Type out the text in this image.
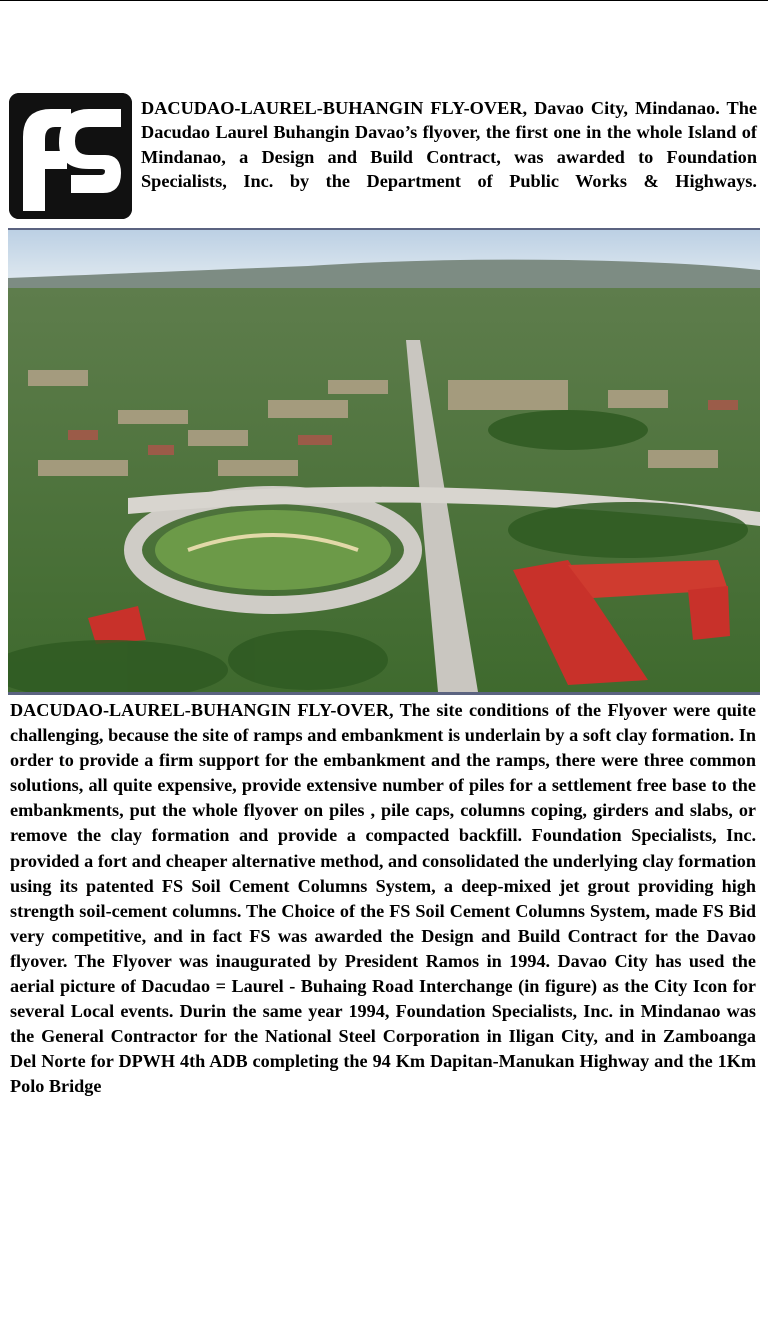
DACUDAO-LAUREL-BUHANGIN FLY-OVER, Davao City, Mindanao. The Dacudao Laurel Buhangin Davao’s flyover, the first one in the whole Island of Mindanao, a Design and Build Contract, was awarded to Foundation Specialists, Inc. by the Department of Public Works & Highways.
DACUDAO-LAUREL-BUHANGIN FLY-OVER, The site conditions of the Flyover were quite challenging, because the site of ramps and embankment is underlain by a soft clay formation. In order to provide a firm support for the embankment and the ramps, there were three common solutions, all quite expensive, provide extensive number of piles for a settlement free base to the embankments, put the whole flyover on piles , pile caps, columns coping, girders and slabs, or remove the clay formation and provide a compacted backfill. Foundation Specialists, Inc. provided a fort and cheaper alternative method, and consolidated the underlying clay formation using its patented FS Soil Cement Columns System, a deep-mixed jet grout providing high strength soil-cement columns. The Choice of the FS Soil Cement Columns System, made FS Bid very competitive, and in fact FS was awarded the Design and Build Contract for the Davao flyover. The Flyover was inaugurated by President Ramos in 1994. Davao City has used the aerial picture of Dacudao = Laurel - Buhaing Road Interchange (in figure) as the City Icon for several Local events. Durin the same year 1994, Foundation Specialists, Inc. in Mindanao was the General Contractor for the National Steel Corporation in Iligan City, and in Zamboanga Del Norte for DPWH 4th ADB completing the 94 Km Dapitan-Manukan Highway and the 1Km Polo Bridge
